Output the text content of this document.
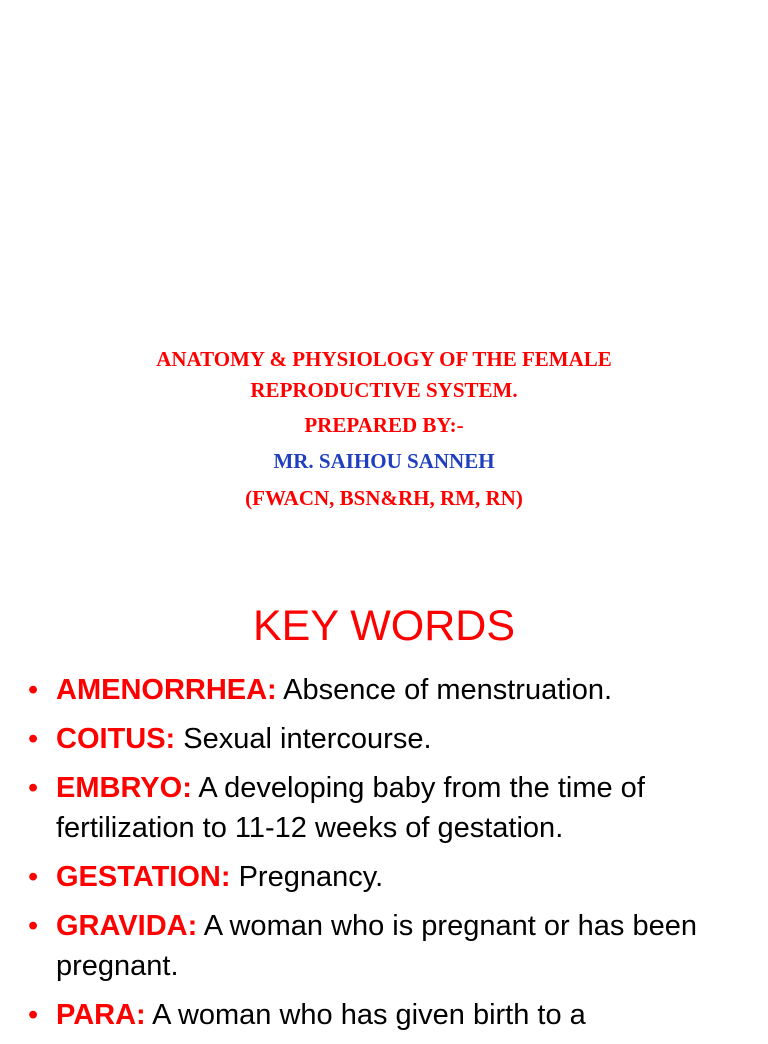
ANATOMY & PHYSIOLOGY OF THE FEMALE
REPRODUCTIVE SYSTEM.
PREPARED BY:-
MR. SAIHOU SANNEH
(FWACN, BSN&RH, RM, RN)
KEY WORDS
• AMENORRHEA: Absence of menstruation.
• COITUS: Sexual intercourse.
• EMBRYO: A developing baby from the time of fertilization to 11-12 weeks of gestation.
• GESTATION: Pregnancy.
• GRAVIDA: A woman who is pregnant or has been pregnant.
• PARA: A woman who has given birth to a
